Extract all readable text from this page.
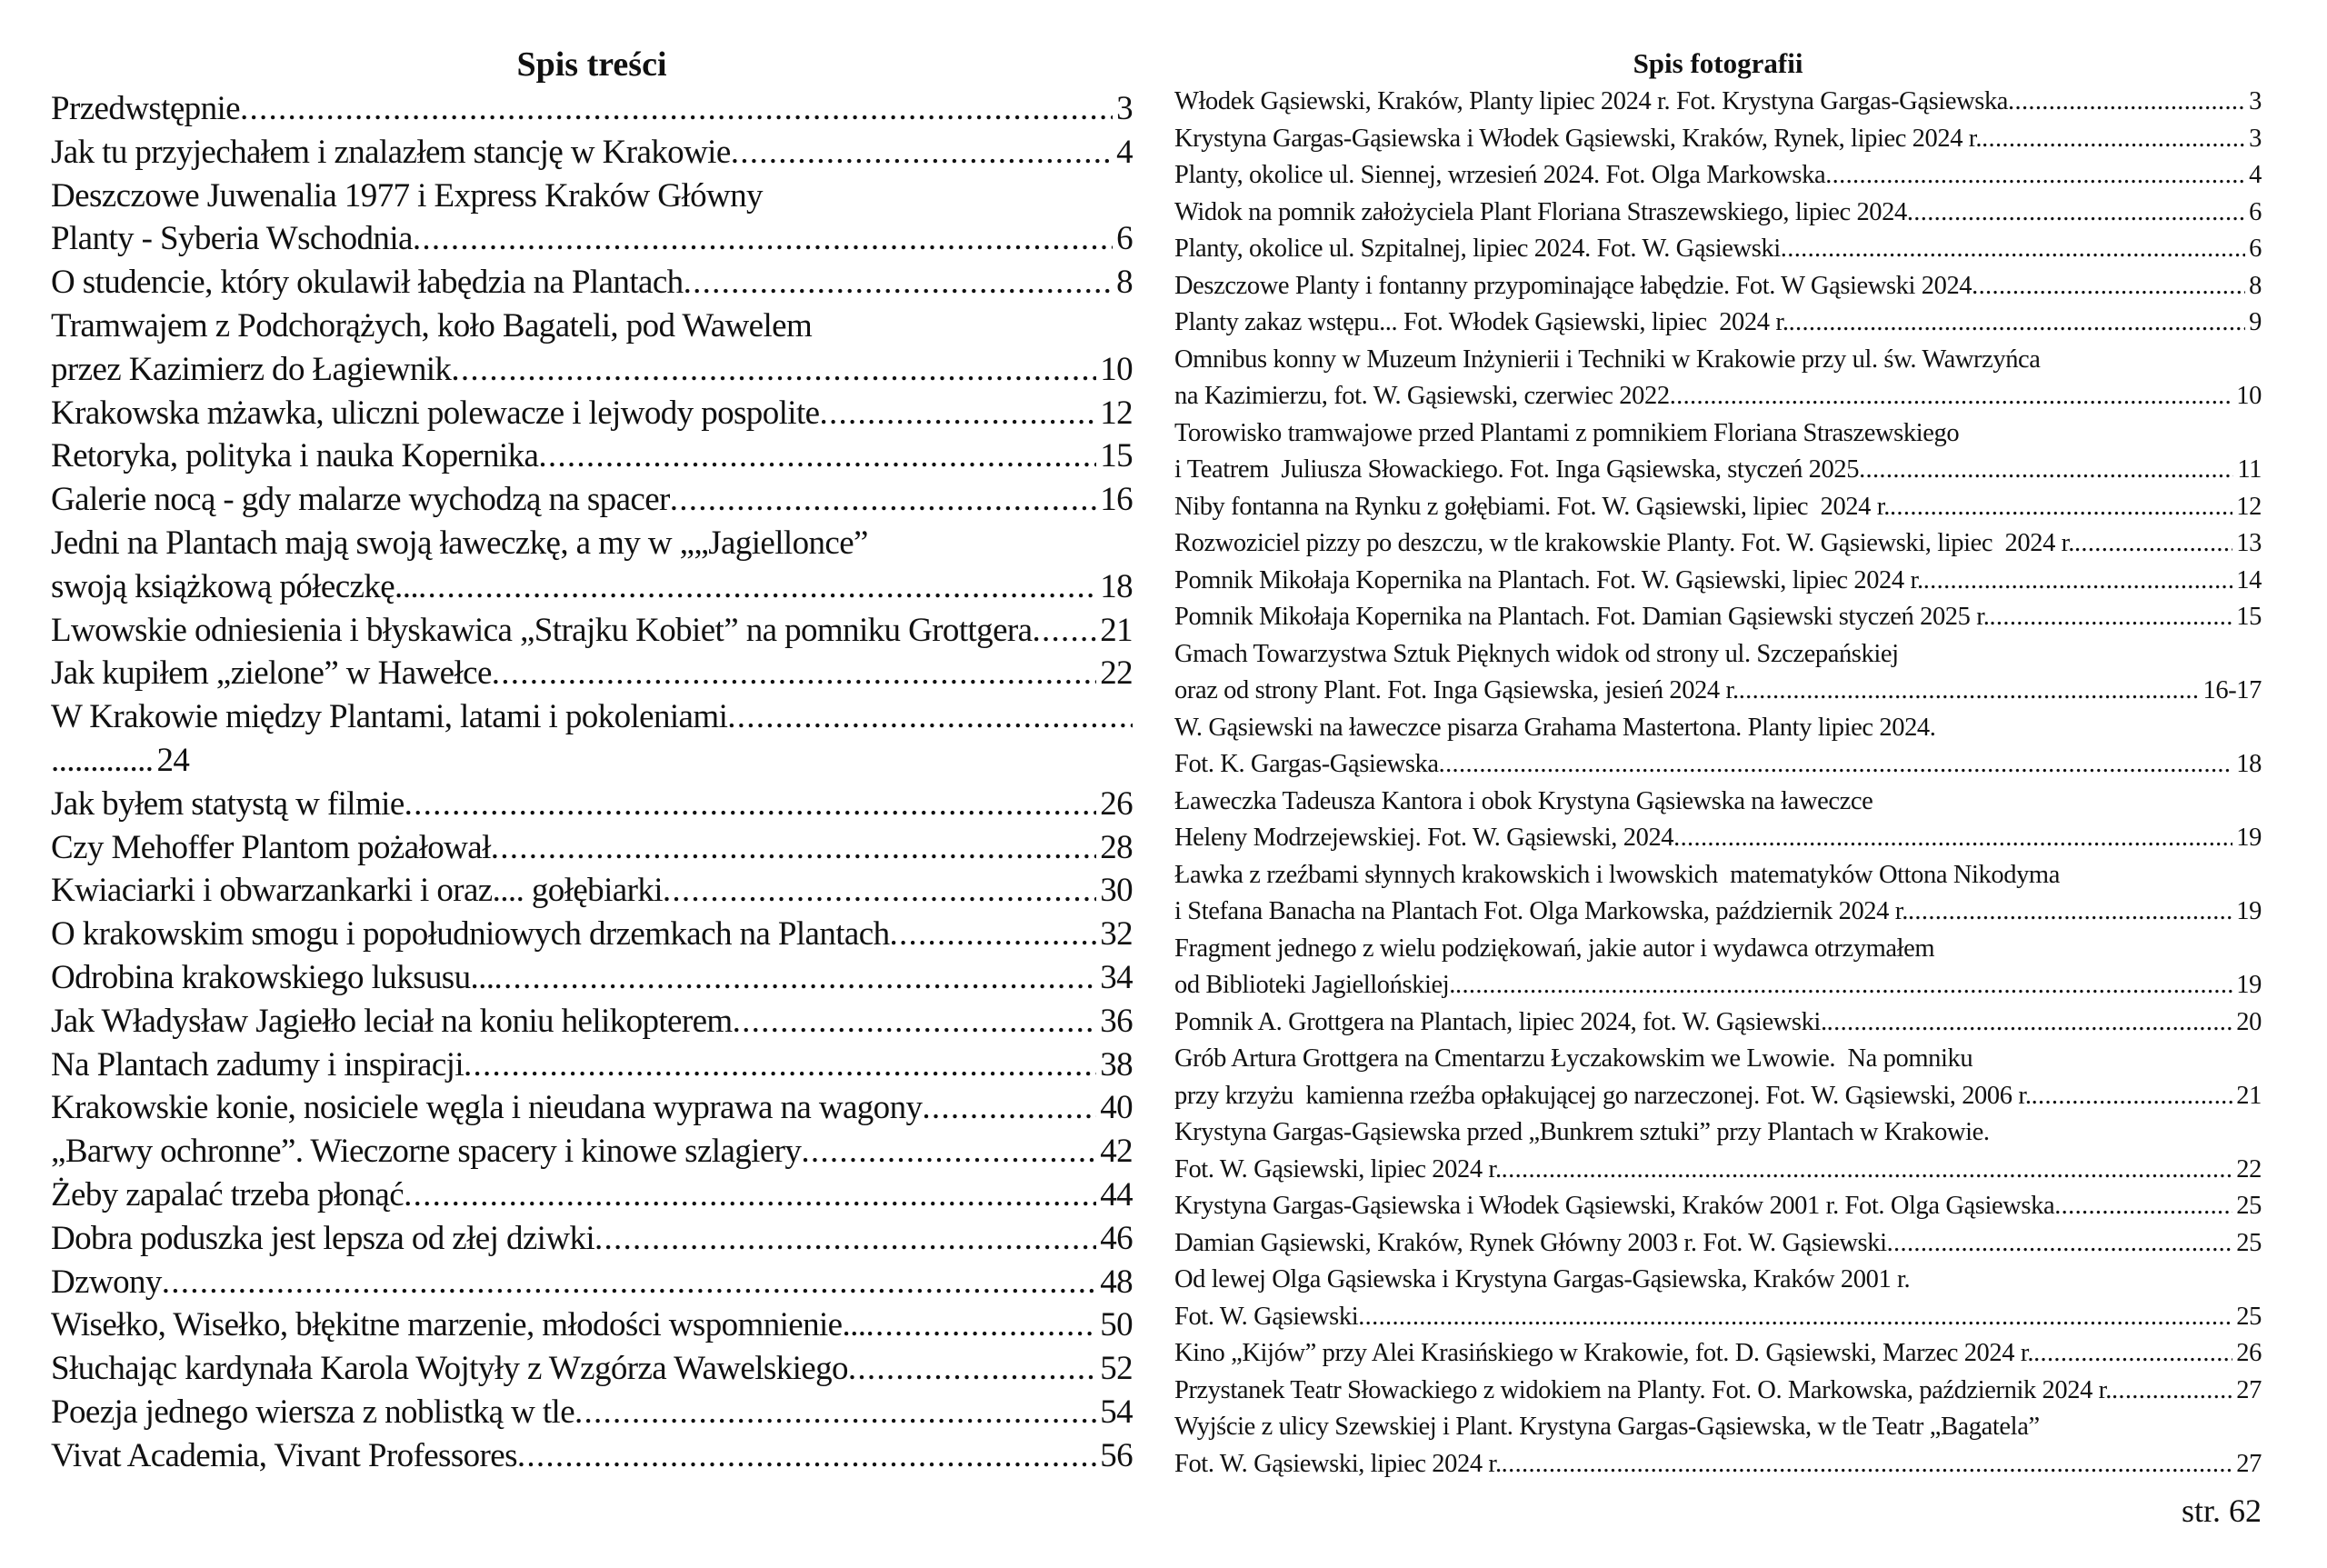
Spis treści
Przedwstępnie . . .	3
Jak tu przyjechałem i znalazłem stancję w Krakowie . . .	4
Deszczowe Juwenalia 1977 i Express Kraków Główny
Planty - Syberia Wschodnia . . .	6
O studencie, który okulawił łabędzia na Plantach . . .	8
Tramwajem z Podchorążych, koło Bagateli, pod Wawelem
przez Kazimierz do Łagiewnik . . .	10
Krakowska mżawka, uliczni polewacze i lejwody pospolite . . .	12
Retoryka, polityka i nauka Kopernika . . .	15
Galerie nocą - gdy malarze wychodzą na spacer . . .	16
Jedni na Plantach mają swoją ławeczkę, a my w „„Jagiellonce”
swoją książkową półeczkę... . . .	18
Lwowskie odniesienia i błyskawica „Strajku Kobiet” na pomniku Grottgera . . . 21
Jak kupiłem „zielone” w Hawełce . . .	22
W Krakowie między Plantami, latami i pokoleniami
. . .
............. 24
Jak byłem statystą w filmie . . .	26
Czy Mehoffer Plantom pożałował . . .	28
Kwiaciarki i obwarzankarki i oraz.... gołębiarki . . .	30
O krakowskim smogu i popołudniowych drzemkach na Plantach . . .	32
Odrobina krakowskiego luksusu... . . .	34
Jak Władysław Jagiełło leciał na koniu helikopterem . . .	36
Na Plantach zadumy i inspiracji . . .	38
Krakowskie konie, nosiciele węgla i nieudana wyprawa na wagony . . .	40
„Barwy ochronne”. Wieczorne spacery i kinowe szlagiery . . .	42
Żeby zapalać trzeba płonąć . . .	44
Dobra poduszka jest lepsza od złej dziwki . . .	46
Dzwony . . .	48
Wisełko, Wisełko, błękitne marzenie, młodości wspomnienie... . . .	50
Słuchając kardynała Karola Wojtyły z Wzgórza Wawelskiego . . .	52
Poezja jednego wiersza z noblistką w tle . . .	54
Vivat Academia, Vivant Professores . . .	56
Spis fotografii
Włodek Gąsiewski, Kraków, Planty lipiec 2024 r. Fot. Krystyna Gargas-Gąsiewska . . .	3
Krystyna Gargas-Gąsiewska i Włodek Gąsiewski, Kraków, Rynek, lipiec 2024 r. . . .	3
Planty, okolice ul. Siennej, wrzesień 2024. Fot. Olga Markowska . . .	4
Widok na pomnik założyciela Plant Floriana Straszewskiego, lipiec 2024 . . .	6
Planty, okolice ul. Szpitalnej, lipiec 2024. Fot. W. Gąsiewski . . .	6
Deszczowe Planty i fontanny przypominające łabędzie. Fot. W Gąsiewski 2024 . . .	8
Planty zakaz wstępu... Fot. Włodek Gąsiewski, lipiec  2024 r. . . .	9
Omnibus konny w Muzeum Inżynierii i Techniki w Krakowie przy ul. św. Wawrzyńca
na Kazimierzu, fot. W. Gąsiewski, czerwiec 2022 . . .	10
Torowisko tramwajowe przed Plantami z pomnikiem Floriana Straszewskiego
i Teatrem  Juliusza Słowackiego. Fot. Inga Gąsiewska, styczeń 2025 . . .	11
Niby fontanna na Rynku z gołębiami. Fot. W. Gąsiewski, lipiec  2024 r. . . .	12
Rozwoziciel pizzy po deszczu, w tle krakowskie Planty. Fot. W. Gąsiewski, lipiec  2024 r. . . .	13
Pomnik Mikołaja Kopernika na Plantach. Fot. W. Gąsiewski, lipiec 2024 r. . . .	14
Pomnik Mikołaja Kopernika na Plantach. Fot. Damian Gąsiewski styczeń 2025 r. . . .	15
Gmach Towarzystwa Sztuk Pięknych widok od strony ul. Szczepańskiej
oraz od strony Plant. Fot. Inga Gąsiewska, jesień 2024 r. . . .	16-17
W. Gąsiewski na ławeczce pisarza Grahama Mastertona. Planty lipiec 2024.
Fot. K. Gargas-Gąsiewska . . .	18
Ławeczka Tadeusza Kantora i obok Krystyna Gąsiewska na ławeczce
Heleny Modrzejewskiej. Fot. W. Gąsiewski, 2024 . . .	19
Ławka z rzeźbami słynnych krakowskich i lwowskich  matematyków Ottona Nikodyma
i Stefana Banacha na Plantach Fot. Olga Markowska, październik 2024 r. . . .	19
Fragment jednego z wielu podziękowań, jakie autor i wydawca otrzymałem
od Biblioteki Jagiellońskiej. . . .	19
Pomnik A. Grottgera na Plantach, lipiec 2024, fot. W. Gąsiewski. . . .	20
Grób Artura Grottgera na Cmentarzu Łyczakowskim we Lwowie.  Na pomniku
przy krzyżu  kamienna rzeźba opłakującej go narzeczonej. Fot. W. Gąsiewski, 2006 r. . . .	21
Krystyna Gargas-Gąsiewska przed „Bunkrem sztuki” przy Plantach w Krakowie.
Fot. W. Gąsiewski, lipiec 2024 r. . . .	22
Krystyna Gargas-Gąsiewska i Włodek Gąsiewski, Kraków 2001 r. Fot. Olga Gąsiewska . . .	25
Damian Gąsiewski, Kraków, Rynek Główny 2003 r. Fot. W. Gąsiewski . . .	25
Od lewej Olga Gąsiewska i Krystyna Gargas-Gąsiewska, Kraków 2001 r.
Fot. W. Gąsiewski . . .	25
Kino „Kijów” przy Alei Krasińskiego w Krakowie, fot. D. Gąsiewski, Marzec 2024 r. . . .	26
Przystanek Teatr Słowackiego z widokiem na Planty. Fot. O. Markowska, październik 2024 r. . . .	27
Wyjście z ulicy Szewskiej i Plant. Krystyna Gargas-Gąsiewska, w tle Teatr „Bagatela”
Fot. W. Gąsiewski, lipiec 2024 r. . . .	27
str. 62
